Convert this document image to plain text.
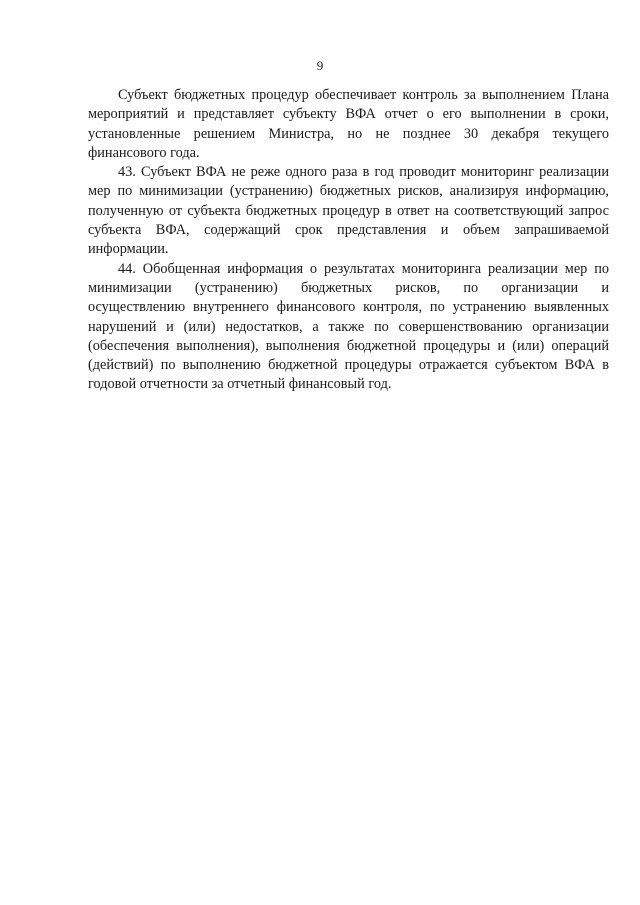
9

Субъект бюджетных процедур обеспечивает контроль за выполнением Плана мероприятий и представляет субъекту ВФА отчет о его выполнении в сроки, установленные решением Министра, но не позднее 30 декабря текущего финансового года.

43. Субъект ВФА не реже одного раза в год проводит мониторинг реализации мер по минимизации (устранению) бюджетных рисков, анализируя информацию, полученную от субъекта бюджетных процедур в ответ на соответствующий запрос субъекта ВФА, содержащий срок представления и объем запрашиваемой информации.

44. Обобщенная информация о результатах мониторинга реализации мер по

минимизации (устранению) бюджетных рисков, по организации и

осуществлению внутреннего финансового контроля, по устранению выявленных нарушений и (или) недостатков, а также по совершенствованию организации (обеспечения выполнения), выполнения бюджетной процедуры и (или) операций (действий) по выполнению бюджетной процедуры отражается субъектом ВФА в годовой отчетности за отчетный финансовый год.
